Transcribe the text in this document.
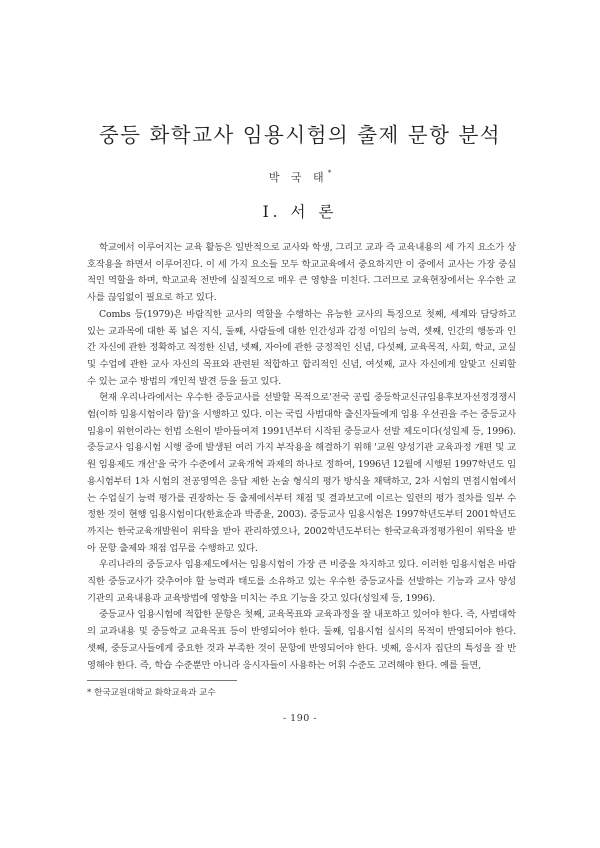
중등 화학교사 임용시험의 출제 문항 분석
박 국 태*
Ⅰ. 서 론

학교에서 이루어지는 교육 활동은 일반적으로 교사와 학생, 그리고 교과 즉 교육내용의 세 가지 요소가 상호작용을 하면서 이루어진다. 이 세 가지 요소들 모두 학교교육에서 중요하지만 이 중에서 교사는 가장 중심적인 역할을 하며, 학교교육 전반에 실질적으로 매우 큰 영향을 미친다. 그러므로 교육현장에서는 우수한 교사를 끊임없이 필요로 하고 있다.

Combs 등(1979)은 바람직한 교사의 역할을 수행하는 유능한 교사의 특징으로 첫째, 세계와 담당하고 있는 교과목에 대한 폭 넓은 지식, 둘째, 사람들에 대한 인간성과 감정 이입의 능력, 셋째, 인간의 행동과 인간 자신에 관한 정확하고 적정한 신념, 넷째, 자아에 관한 긍정적인 신념, 다섯째, 교육목적, 사회, 학교, 교실 및 수업에 관한 교사 자신의 목표와 관련된 적합하고 합리적인 신념, 여섯째, 교사 자신에게 알맞고 신뢰할 수 있는 교수 방법의 개인적 발견 등을 들고 있다.

현재 우리나라에서는 우수한 중등교사를 선발할 목적으로'전국 공립 중등학교신규임용후보자선정경쟁시험(이하 임용시험이라 함)'을 시행하고 있다. 이는 국립 사범대학 출신자들에게 임용 우선권을 주는 중등교사 임용이 위헌이라는 헌법 소원이 받아들여져 1991년부터 시작된 중등교사 선발 제도이다(성일제 등, 1996). 중등교사 임용시험 시행 중에 발생된 여러 가지 부작용을 해결하기 위해 '교원 양성기관 교육과정 개편 및 교원 임용제도 개선'을 국가 수준에서 교육개혁 과제의 하나로 정하여, 1996년 12월에 시행된 1997학년도 임용시험부터 1차 시험의 전공영역은 응답 제한 논술 형식의 평가 방식을 채택하고, 2차 시험의 면접시험에서는 수업실기 능력 평가를 권장하는 등 출제에서부터 채점 및 결과보고에 이르는 일련의 평가 절차를 일부 수정한 것이 현행 임용시험이다(한효순과 박종윤, 2003). 중등교사 임용시험은 1997학년도부터 2001학년도까지는 한국교육개발원이 위탁을 받아 관리하였으나, 2002학년도부터는 한국교육과정평가원이 위탁을 받아 문항 출제와 채점 업무를 수행하고 있다.

우리나라의 중등교사 임용제도에서는 임용시험이 가장 큰 비중을 차지하고 있다. 이러한 임용시험은 바람직한 중등교사가 갖추어야 할 능력과 태도를 소유하고 있는 우수한 중등교사를 선발하는 기능과 교사 양성 기관의 교육내용과 교육방법에 영향을 미치는 주요 기능을 갖고 있다(성일제 등, 1996).

중등교사 임용시험에 적합한 문항은 첫째, 교육목표와 교육과정을 잘 내포하고 있어야 한다. 즉, 사범대학의 교과내용 및 중등학교 교육목표 등이 반영되어야 한다. 둘째, 임용시험 실시의 목적이 반영되어야 한다. 셋째, 중등교사들에게 중요한 것과 부족한 것이 문항에 반영되어야 한다. 넷째, 응시자 집단의 특성을 잘 반영해야 한다. 즉, 학습 수준뿐만 아니라 응시자들이 사용하는 어휘 수준도 고려해야 한다. 예를 들면,

* 한국교원대학교 화학교육과 교수
- 190 -
